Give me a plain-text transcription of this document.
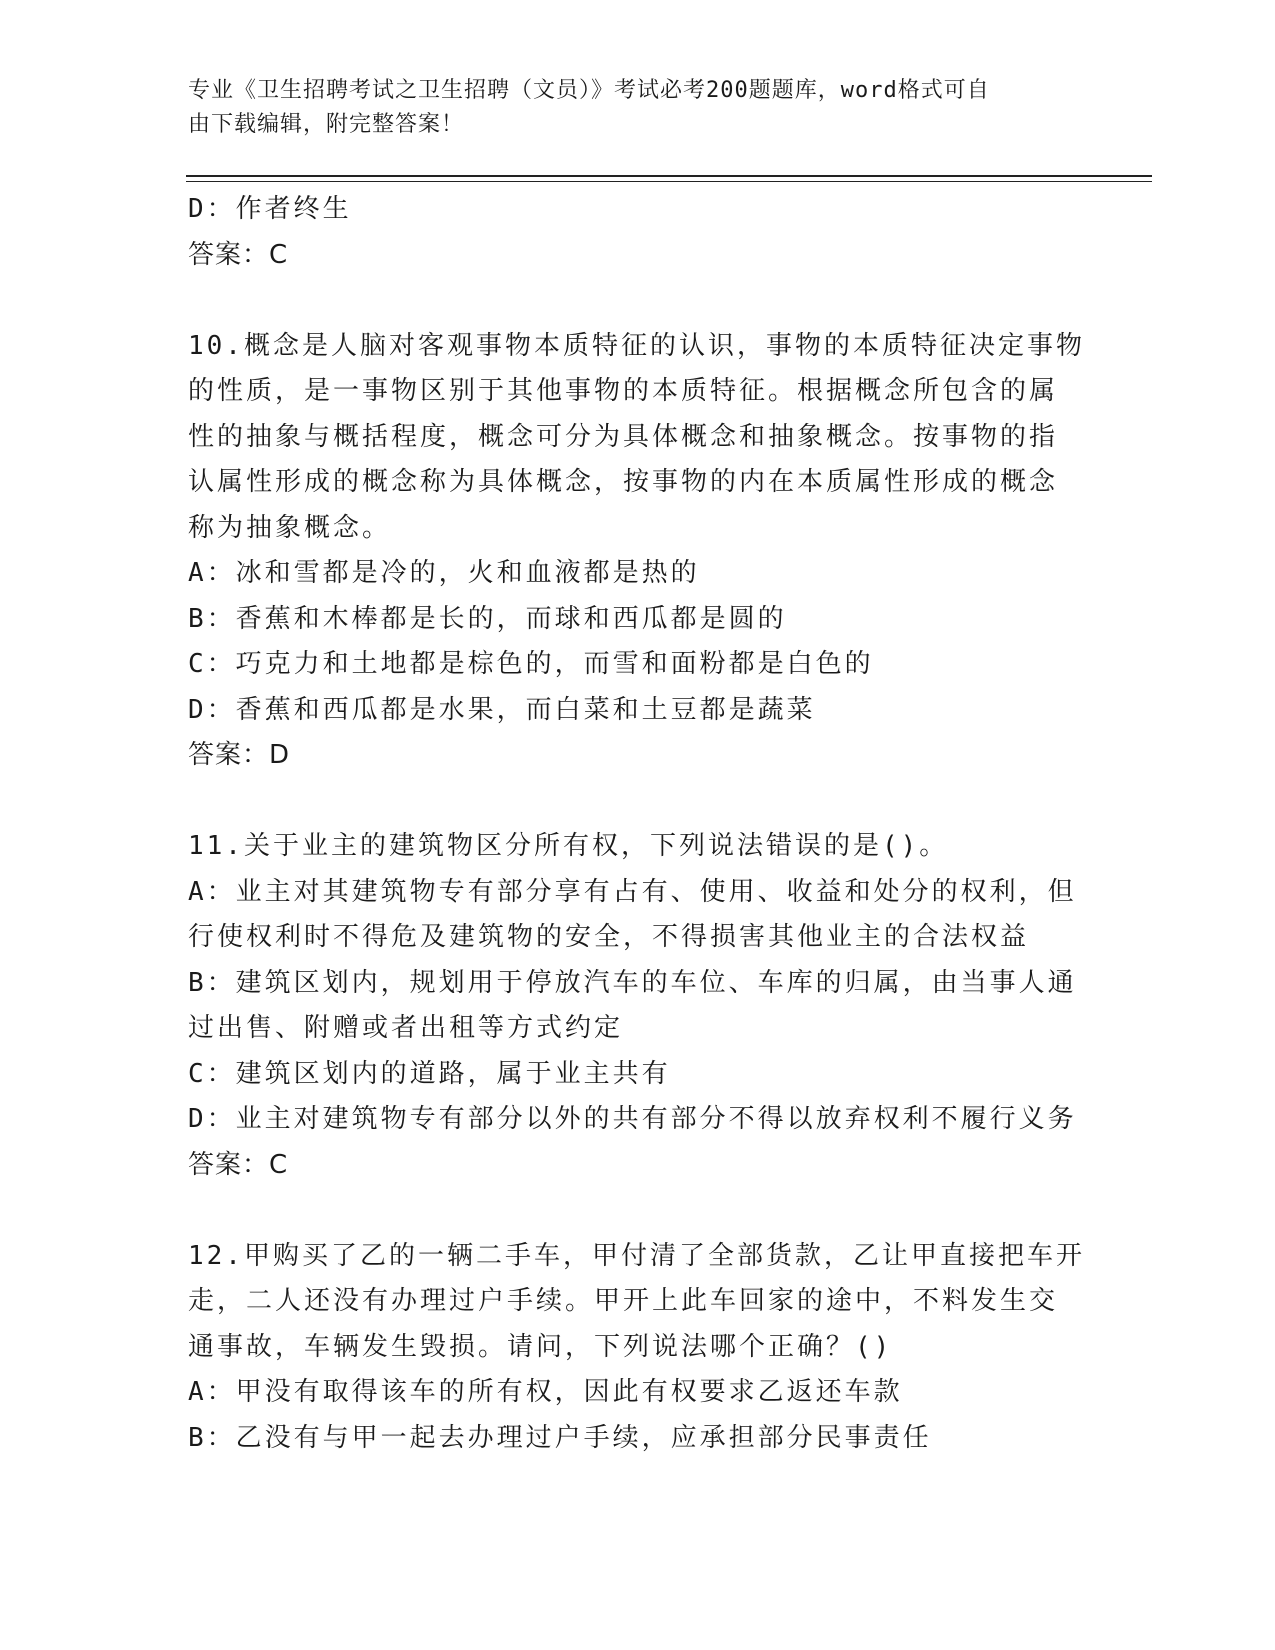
专业《卫生招聘考试之卫生招聘（文员）》考试必考200题题库，word格式可自
由下载编辑，附完整答案！
D：作者终生
答案：C
10.概念是人脑对客观事物本质特征的认识，事物的本质特征决定事物
的性质，是一事物区别于其他事物的本质特征。根据概念所包含的属
性的抽象与概括程度，概念可分为具体概念和抽象概念。按事物的指
认属性形成的概念称为具体概念，按事物的内在本质属性形成的概念
称为抽象概念。
A：冰和雪都是冷的，火和血液都是热的
B：香蕉和木棒都是长的，而球和西瓜都是圆的
C：巧克力和土地都是棕色的，而雪和面粉都是白色的
D：香蕉和西瓜都是水果，而白菜和土豆都是蔬菜
答案：D
11.关于业主的建筑物区分所有权，下列说法错误的是()。
A：业主对其建筑物专有部分享有占有、使用、收益和处分的权利，但
行使权利时不得危及建筑物的安全，不得损害其他业主的合法权益
B：建筑区划内，规划用于停放汽车的车位、车库的归属，由当事人通
过出售、附赠或者出租等方式约定
C：建筑区划内的道路，属于业主共有
D：业主对建筑物专有部分以外的共有部分不得以放弃权利不履行义务
答案：C
12.甲购买了乙的一辆二手车，甲付清了全部货款，乙让甲直接把车开
走，二人还没有办理过户手续。甲开上此车回家的途中，不料发生交
通事故，车辆发生毁损。请问，下列说法哪个正确？()
A：甲没有取得该车的所有权，因此有权要求乙返还车款
B：乙没有与甲一起去办理过户手续，应承担部分民事责任
